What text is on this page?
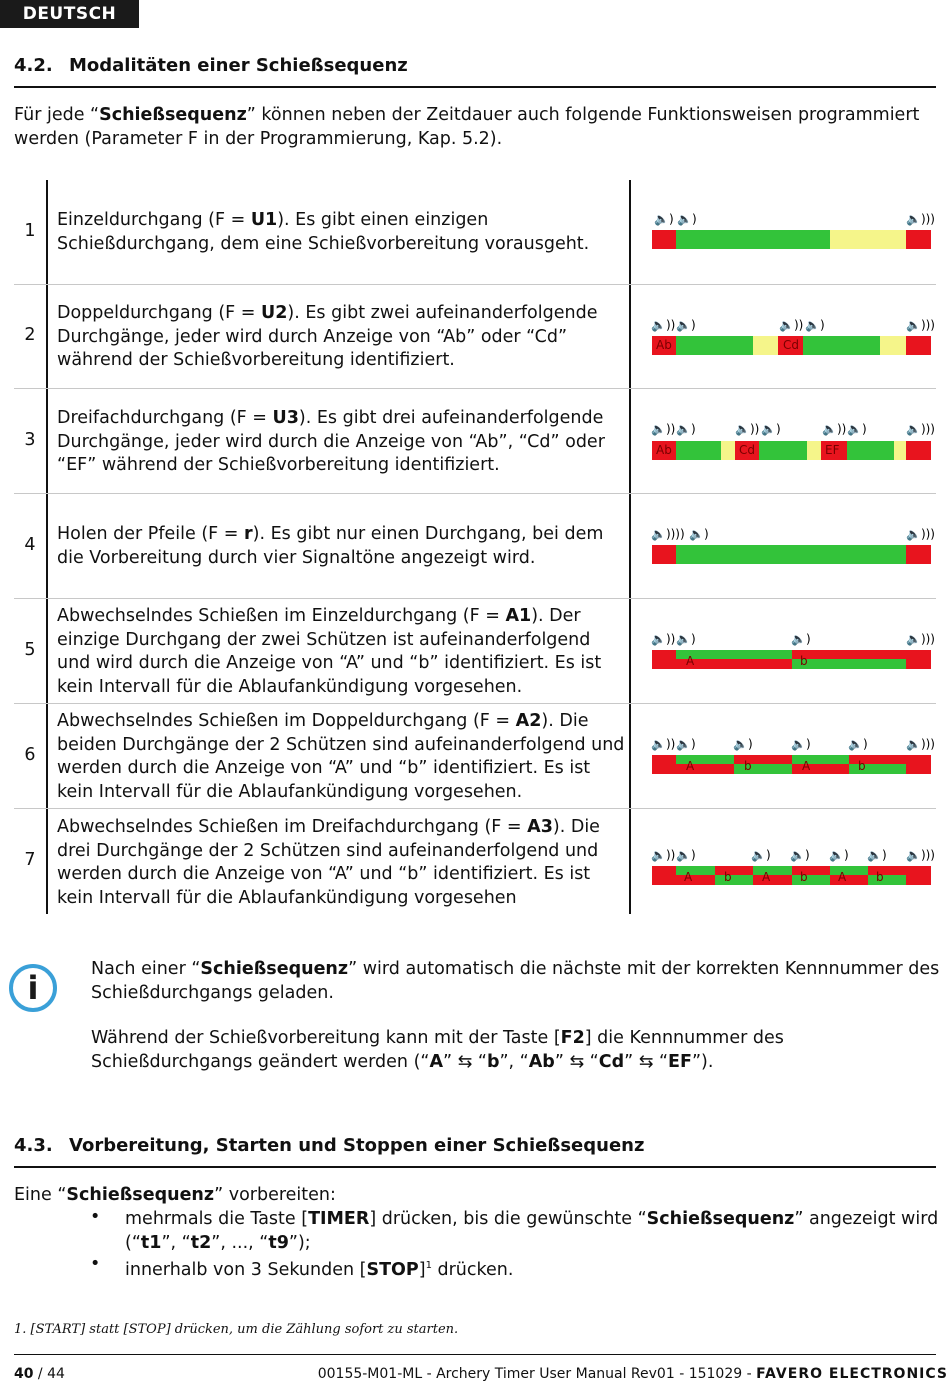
DEUTSCH
4.2. Modalitäten einer Schießsequenz
Für jede “Schießsequenz” können neben der Zeitdauer auch folgende Funktionsweisen programmiert werden (Parameter F in der Programmierung, Kap. 5.2).
1
Einzeldurchgang (F = U1). Es gibt einen einzigen Schießdurchgang, dem eine Schießvorbereitung vorausgeht.
🔈) 🔈)	🔈)))
2
Doppeldurchgang (F = U2). Es gibt zwei aufeinanderfolgende Durchgänge, jeder wird durch Anzeige von “Ab” oder “Cd” während der Schießvorbereitung identifiziert.
🔈)) 🔈)	🔈)) 🔈)	🔈)))
Ab	Cd
3
Dreifachdurchgang (F = U3). Es gibt drei aufeinanderfolgende Durchgänge, jeder wird durch die Anzeige von “Ab”, “Cd” oder “EF” während der Schießvorbereitung identifiziert.
🔈)) 🔈)	🔈)) 🔈)	🔈)) 🔈)	🔈)))
Ab	Cd	EF
4
Holen der Pfeile (F = r). Es gibt nur einen Durchgang, bei dem die Vorbereitung durch vier Signaltöne angezeigt wird.
🔈)))) 🔈)	🔈)))
5
Abwechselndes Schießen im Einzeldurchgang (F = A1). Der einzige Durchgang der zwei Schützen ist aufeinanderfolgend und wird durch die Anzeige von “A” und “b” identifiziert. Es ist kein Intervall für die Ablaufankündigung vorgesehen.
🔈)) 🔈)	🔈)	🔈)))
A	b
6
Abwechselndes Schießen im Doppeldurchgang (F = A2). Die beiden Durchgänge der 2 Schützen sind aufeinanderfolgend und werden durch die Anzeige von “A” und “b” identifiziert. Es ist kein Intervall für die Ablaufankündigung vorgesehen.
🔈)) 🔈)	🔈)	🔈)	🔈)	🔈)))
A	b	A	b
7
Abwechselndes Schießen im Dreifachdurchgang (F = A3). Die drei Durchgänge der 2 Schützen sind aufeinanderfolgend und werden durch die Anzeige von “A” und “b” identifiziert. Es ist kein Intervall für die Ablaufankündigung vorgesehen
🔈)) 🔈)	🔈) 🔈) 🔈) 🔈) 🔈)))
A	b	A b	A b
i	Nach einer “Schießsequenz” wird automatisch die nächste mit der korrekten Kennnummer des Schießdurchgangs geladen.
Während der Schießvorbereitung kann mit der Taste [F2] die Kennnummer des Schießdurchgangs geändert werden (“A” ⇆ “b”, “Ab” ⇆ “Cd” ⇆ “EF”).
4.3. Vorbereitung, Starten und Stoppen einer Schießsequenz
Eine “Schießsequenz” vorbereiten:
• mehrmals die Taste [TIMER] drücken, bis die gewünschte “Schießsequenz” angezeigt wird (“t1”, “t2”, ..., “t9”);
• innerhalb von 3 Sekunden [STOP]$^1$ drücken.
1. [START] statt [STOP] drücken, um die Zählung sofort zu starten.
40 / 44	00155-M01-ML - Archery Timer User Manual Rev01 - 151029 - FAVERO ELECTRONICS
